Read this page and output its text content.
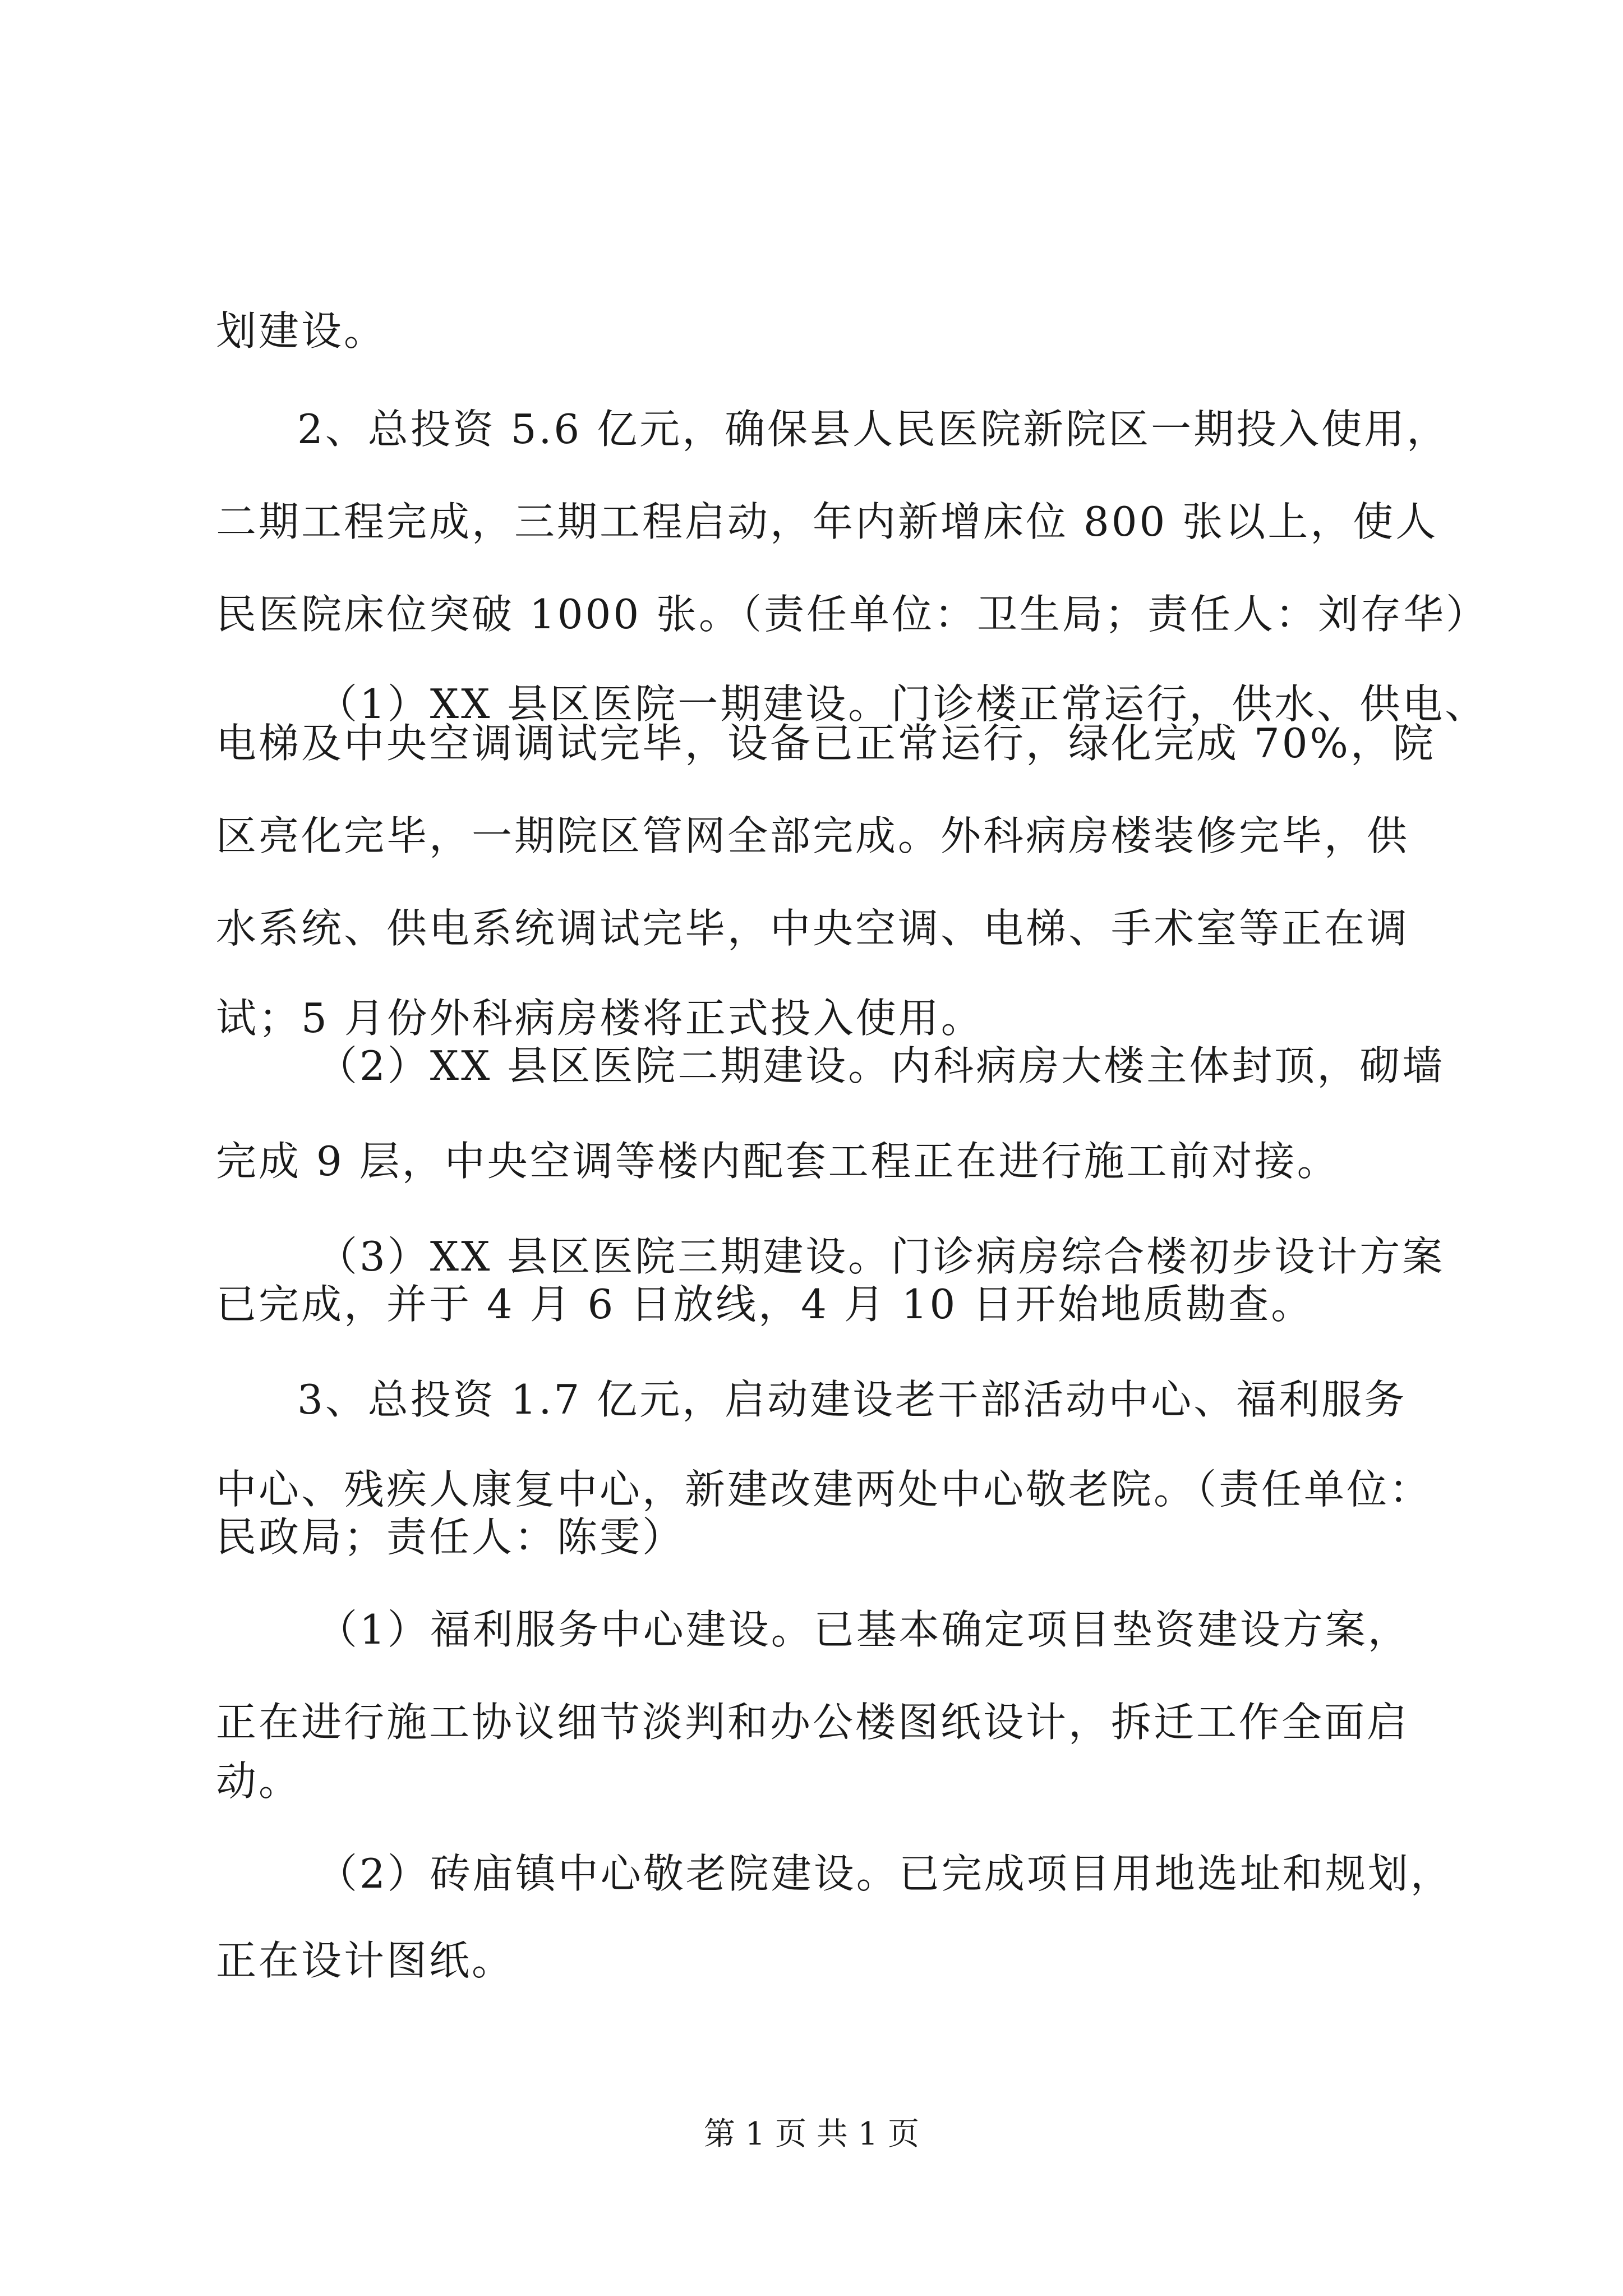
划建设。
2、总投资 5.6 亿元，确保县人民医院新院区一期投入使用，
二期工程完成，三期工程启动，年内新增床位 800 张以上，使人
民医院床位突破 1000 张。（责任单位：卫生局；责任人：刘存华）
（1）XX 县区医院一期建设。门诊楼正常运行，供水、供电、
电梯及中央空调调试完毕，设备已正常运行，绿化完成 70%，院
区亮化完毕，一期院区管网全部完成。外科病房楼装修完毕，供
水系统、供电系统调试完毕，中央空调、电梯、手术室等正在调
试；5 月份外科病房楼将正式投入使用。
（2）XX 县区医院二期建设。内科病房大楼主体封顶，砌墙
完成 9 层，中央空调等楼内配套工程正在进行施工前对接。
（3）XX 县区医院三期建设。门诊病房综合楼初步设计方案
已完成，并于 4 月 6 日放线，4 月 10 日开始地质勘查。
3、总投资 1.7 亿元，启动建设老干部活动中心、福利服务
中心、残疾人康复中心，新建改建两处中心敬老院。（责任单位：
民政局；责任人：陈雯）
（1）福利服务中心建设。已基本确定项目垫资建设方案，
正在进行施工协议细节淡判和办公楼图纸设计，拆迁工作全面启
动。
（2）砖庙镇中心敬老院建设。已完成项目用地选址和规划，
正在设计图纸。
第 1 页 共 1 页
